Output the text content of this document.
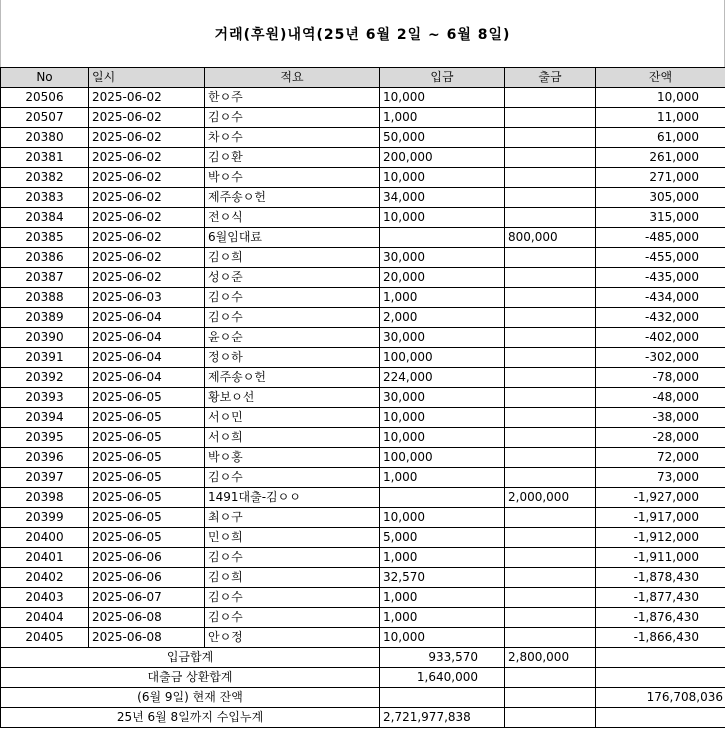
거래(후원)내역(25년 6월 2일 ~ 6월 8일)
No	일시	적요	입금	출금	잔액
20506	2025-06-02	한ㅇ주	10,000		10,000
20507	2025-06-02	김ㅇ수	1,000		11,000
20380	2025-06-02	차ㅇ수	50,000		61,000
20381	2025-06-02	김ㅇ환	200,000		261,000
20382	2025-06-02	박ㅇ수	10,000		271,000
20383	2025-06-02	제주송ㅇ헌	34,000		305,000
20384	2025-06-02	전ㅇ식	10,000		315,000
20385	2025-06-02	6월임대료		800,000	-485,000
20386	2025-06-02	김ㅇ희	30,000		-455,000
20387	2025-06-02	성ㅇ준	20,000		-435,000
20388	2025-06-03	김ㅇ수	1,000		-434,000
20389	2025-06-04	김ㅇ수	2,000		-432,000
20390	2025-06-04	윤ㅇ순	30,000		-402,000
20391	2025-06-04	정ㅇ하	100,000		-302,000
20392	2025-06-04	제주송ㅇ헌	224,000		-78,000
20393	2025-06-05	황보ㅇ선	30,000		-48,000
20394	2025-06-05	서ㅇ민	10,000		-38,000
20395	2025-06-05	서ㅇ희	10,000		-28,000
20396	2025-06-05	박ㅇ홍	100,000		72,000
20397	2025-06-05	김ㅇ수	1,000		73,000
20398	2025-06-05	1491대출-김ㅇㅇ		2,000,000	-1,927,000
20399	2025-06-05	최ㅇ구	10,000		-1,917,000
20400	2025-06-05	민ㅇ희	5,000		-1,912,000
20401	2025-06-06	김ㅇ수	1,000		-1,911,000
20402	2025-06-06	김ㅇ희	32,570		-1,878,430
20403	2025-06-07	김ㅇ수	1,000		-1,877,430
20404	2025-06-08	김ㅇ수	1,000		-1,876,430
20405	2025-06-08	안ㅇ정	10,000		-1,866,430
입금합계			933,570	2,800,000	
대출금 상환합계			1,640,000		
(6월 9일) 현재 잔액					176,708,036
25년 6월 8일까지 수입누계			2,721,977,838		
